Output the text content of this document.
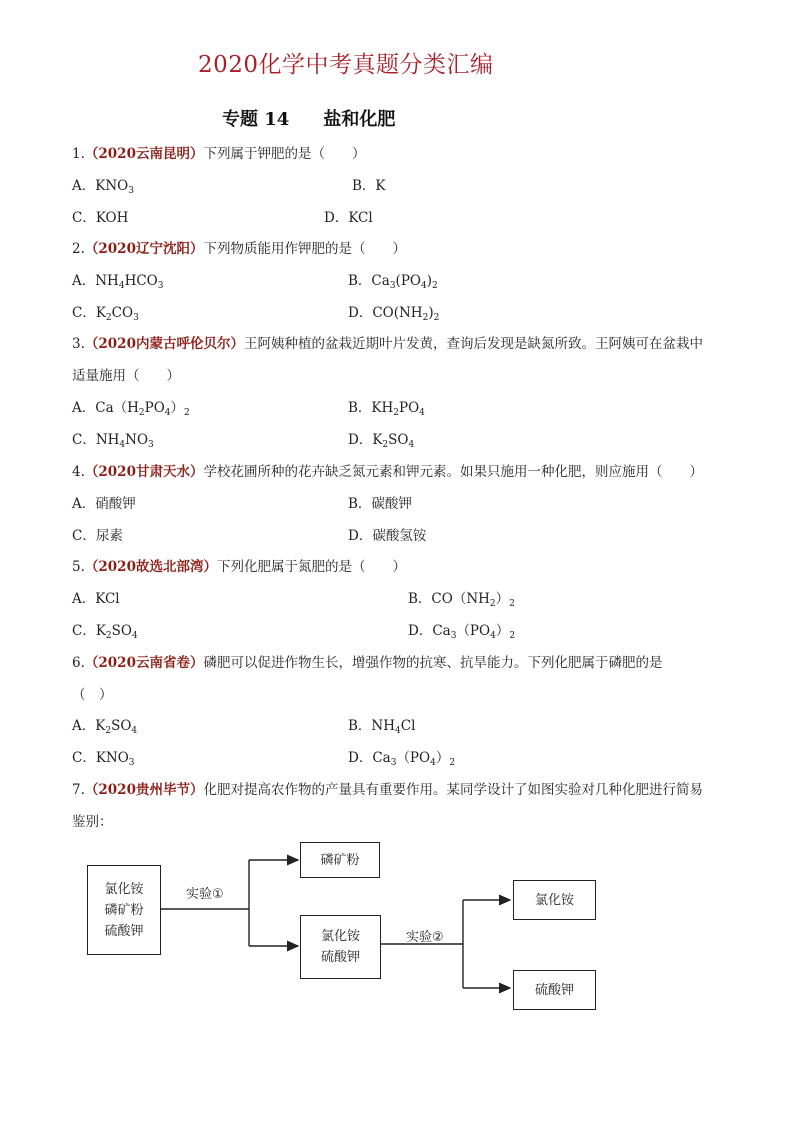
2020化学中考真题分类汇编
专题 14 盐和化肥
1.（2020云南昆明）下列属于钾肥的是（　　）
A．$KNO_3$	B．K
C．KOH	D．KCl
2.（2020辽宁沈阳）下列物质能用作钾肥的是（　　）
A．$NH_4HCO_3$	B．$Ca_3(PO_4)_2$
C．$K_2CO_3$	D．$CO(NH_2)_2$
3.（2020内蒙古呼伦贝尔）王阿姨种植的盆栽近期叶片发黄，查询后发现是缺氮所致。王阿姨可在盆栽中
适量施用（　　）
A．$Ca(H_2PO_4)_2$	B．$KH_2PO_4$
C．$NH_4NO_3$	D．$K_2SO_4$
4.（2020甘肃天水）学校花圃所种的花卉缺乏氮元素和钾元素。如果只施用一种化肥，则应施用（　　）
A．硝酸钾	B．碳酸钾
C．尿素	D．碳酸氢铵
5.（2020故选北部湾）下列化肥属于氮肥的是（　　）
A．KCl	B．$CO(NH_2)_2$
C．$K_2SO_4$	D．$Ca_3(PO_4)_2$
6.（2020云南省卷）磷肥可以促进作物生长，增强作物的抗寒、抗旱能力。下列化肥属于磷肥的是
（　）
A．$K_2SO_4$	B．$NH_4Cl$
C．$KNO_3$	D．$Ca_3(PO_4)_2$
7.（2020贵州毕节）化肥对提高农作物的产量具有重要作用。某同学设计了如图实验对几种化肥进行简易
鉴别：
氯化铵
磷矿粉
硫酸钾
实验①
磷矿粉
氯化铵
硫酸钾
实验②
氯化铵
硫酸钾
